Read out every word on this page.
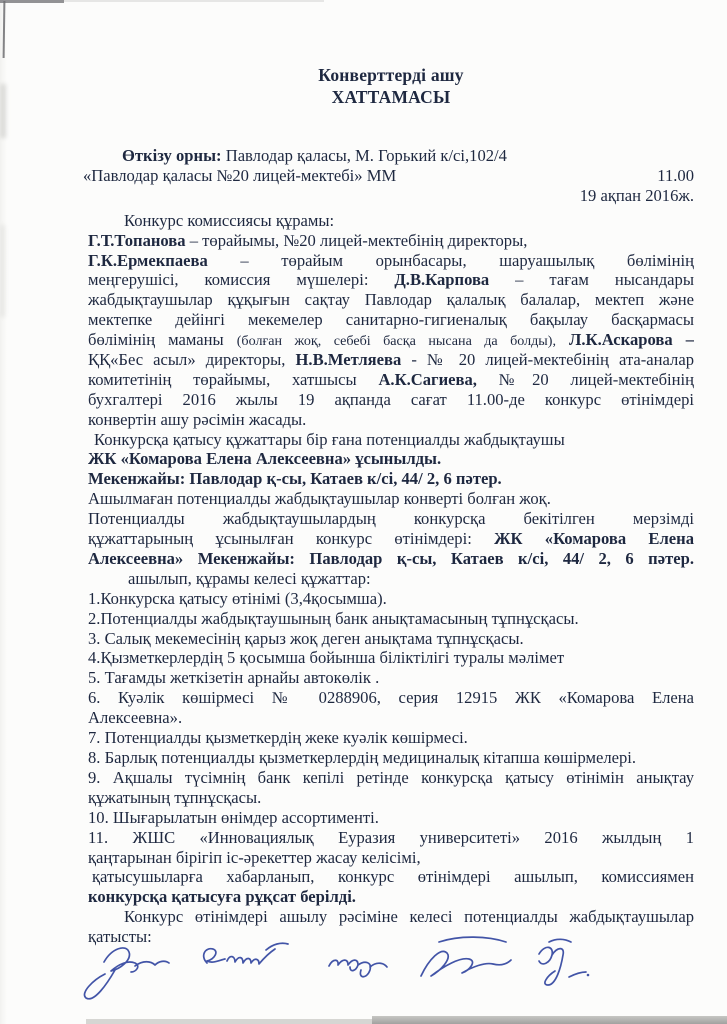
Конверттерді ашу
ХАТТАМАСЫ
Өткізу орны: Павлодар қаласы, М. Горький к/сі,102/4
«Павлодар қаласы №20 лицей-мектебі» ММ	11.00
19 ақпан 2016ж.
Конкурс комиссиясы құрамы:
Г.Т.Топанова – төрайымы, №20 лицей-мектебінің директоры,
Г.К.Ермекпаева – төрайым орынбасары, шаруашылық бөлімінің
меңгерушісі, комиссия мүшелері: Д.В.Карпова – тағам нысандары
жабдықтаушылар құқығын сақтау Павлодар қалалық балалар, мектеп және
мектепке дейінгі мекемелер санитарно-гигиеналық бақылау басқармасы
бөлімінің маманы (болған жоқ, себебі басқа нысана да болды), Л.К.Аскарова –
ҚҚ«Бес асыл» директоры, Н.В.Метляева - № 20 лицей-мектебінің ата-аналар
комитетінің төрайымы, хатшысы А.К.Сагиева, №20 лицей-мектебінің
бухгалтері 2016 жылы 19 ақпанда сағат 11.00-де конкурс өтінімдері
конвертін ашу рәсімін жасады.
Конкурсқа қатысу құжаттары бір ғана потенциалды жабдықтаушы
ЖК «Комарова Елена Алексеевна» ұсынылды.
Мекенжайы: Павлодар қ-сы, Катаев к/сі, 44/ 2, 6 пәтер.
Ашылмаған потенциалды жабдықтаушылар конверті болған жоқ.
Потенциалды жабдықтаушылардың конкурсқа бекітілген мерзімді
құжаттарының ұсынылған конкурс өтінімдері: ЖК «Комарова Елена
Алексеевна» Мекенжайы: Павлодар қ-сы, Катаев к/сі, 44/ 2, 6 пәтер.
ашылып, құрамы келесі құжаттар:
1.Конкурска қатысу өтінімі (3,4қосымша).
2.Потенциалды жабдықтаушының банк анықтамасының тұпнұсқасы.
3. Салық мекемесінің қарыз жоқ деген анықтама тұпнұсқасы.
4.Қызметкерлердің 5 қосымша бойынша біліктілігі туралы мәлімет
5. Тағамды жеткізетін арнайы автокөлік .
6. Куәлік көшірмесі № 0288906, серия 12915 ЖК «Комарова Елена
Алексеевна».
7. Потенциалды қызметкердің жеке куәлік көшірмесі.
8. Барлық потенциалды қызметкерлердің медициналық кітапша көшірмелері.
9. Ақшалы түсімнің банк кепілі ретінде конкурсқа қатысу өтінімін анықтау
құжатының тұпнұсқасы.
10. Шығарылатын өнімдер ассортименті.
11. ЖШС «Инновациялық Еуразия университеті» 2016 жылдың 1
қаңтарынан бірігіп іс-әрекеттер жасау келісімі,
қатысушыларға хабарланып, конкурс өтінімдері ашылып, комиссиямен
конкурсқа қатысуға рұқсат берілді.
Конкурс өтінімдері ашылу рәсіміне келесі потенциалды жабдықтаушылар
қатысты:
